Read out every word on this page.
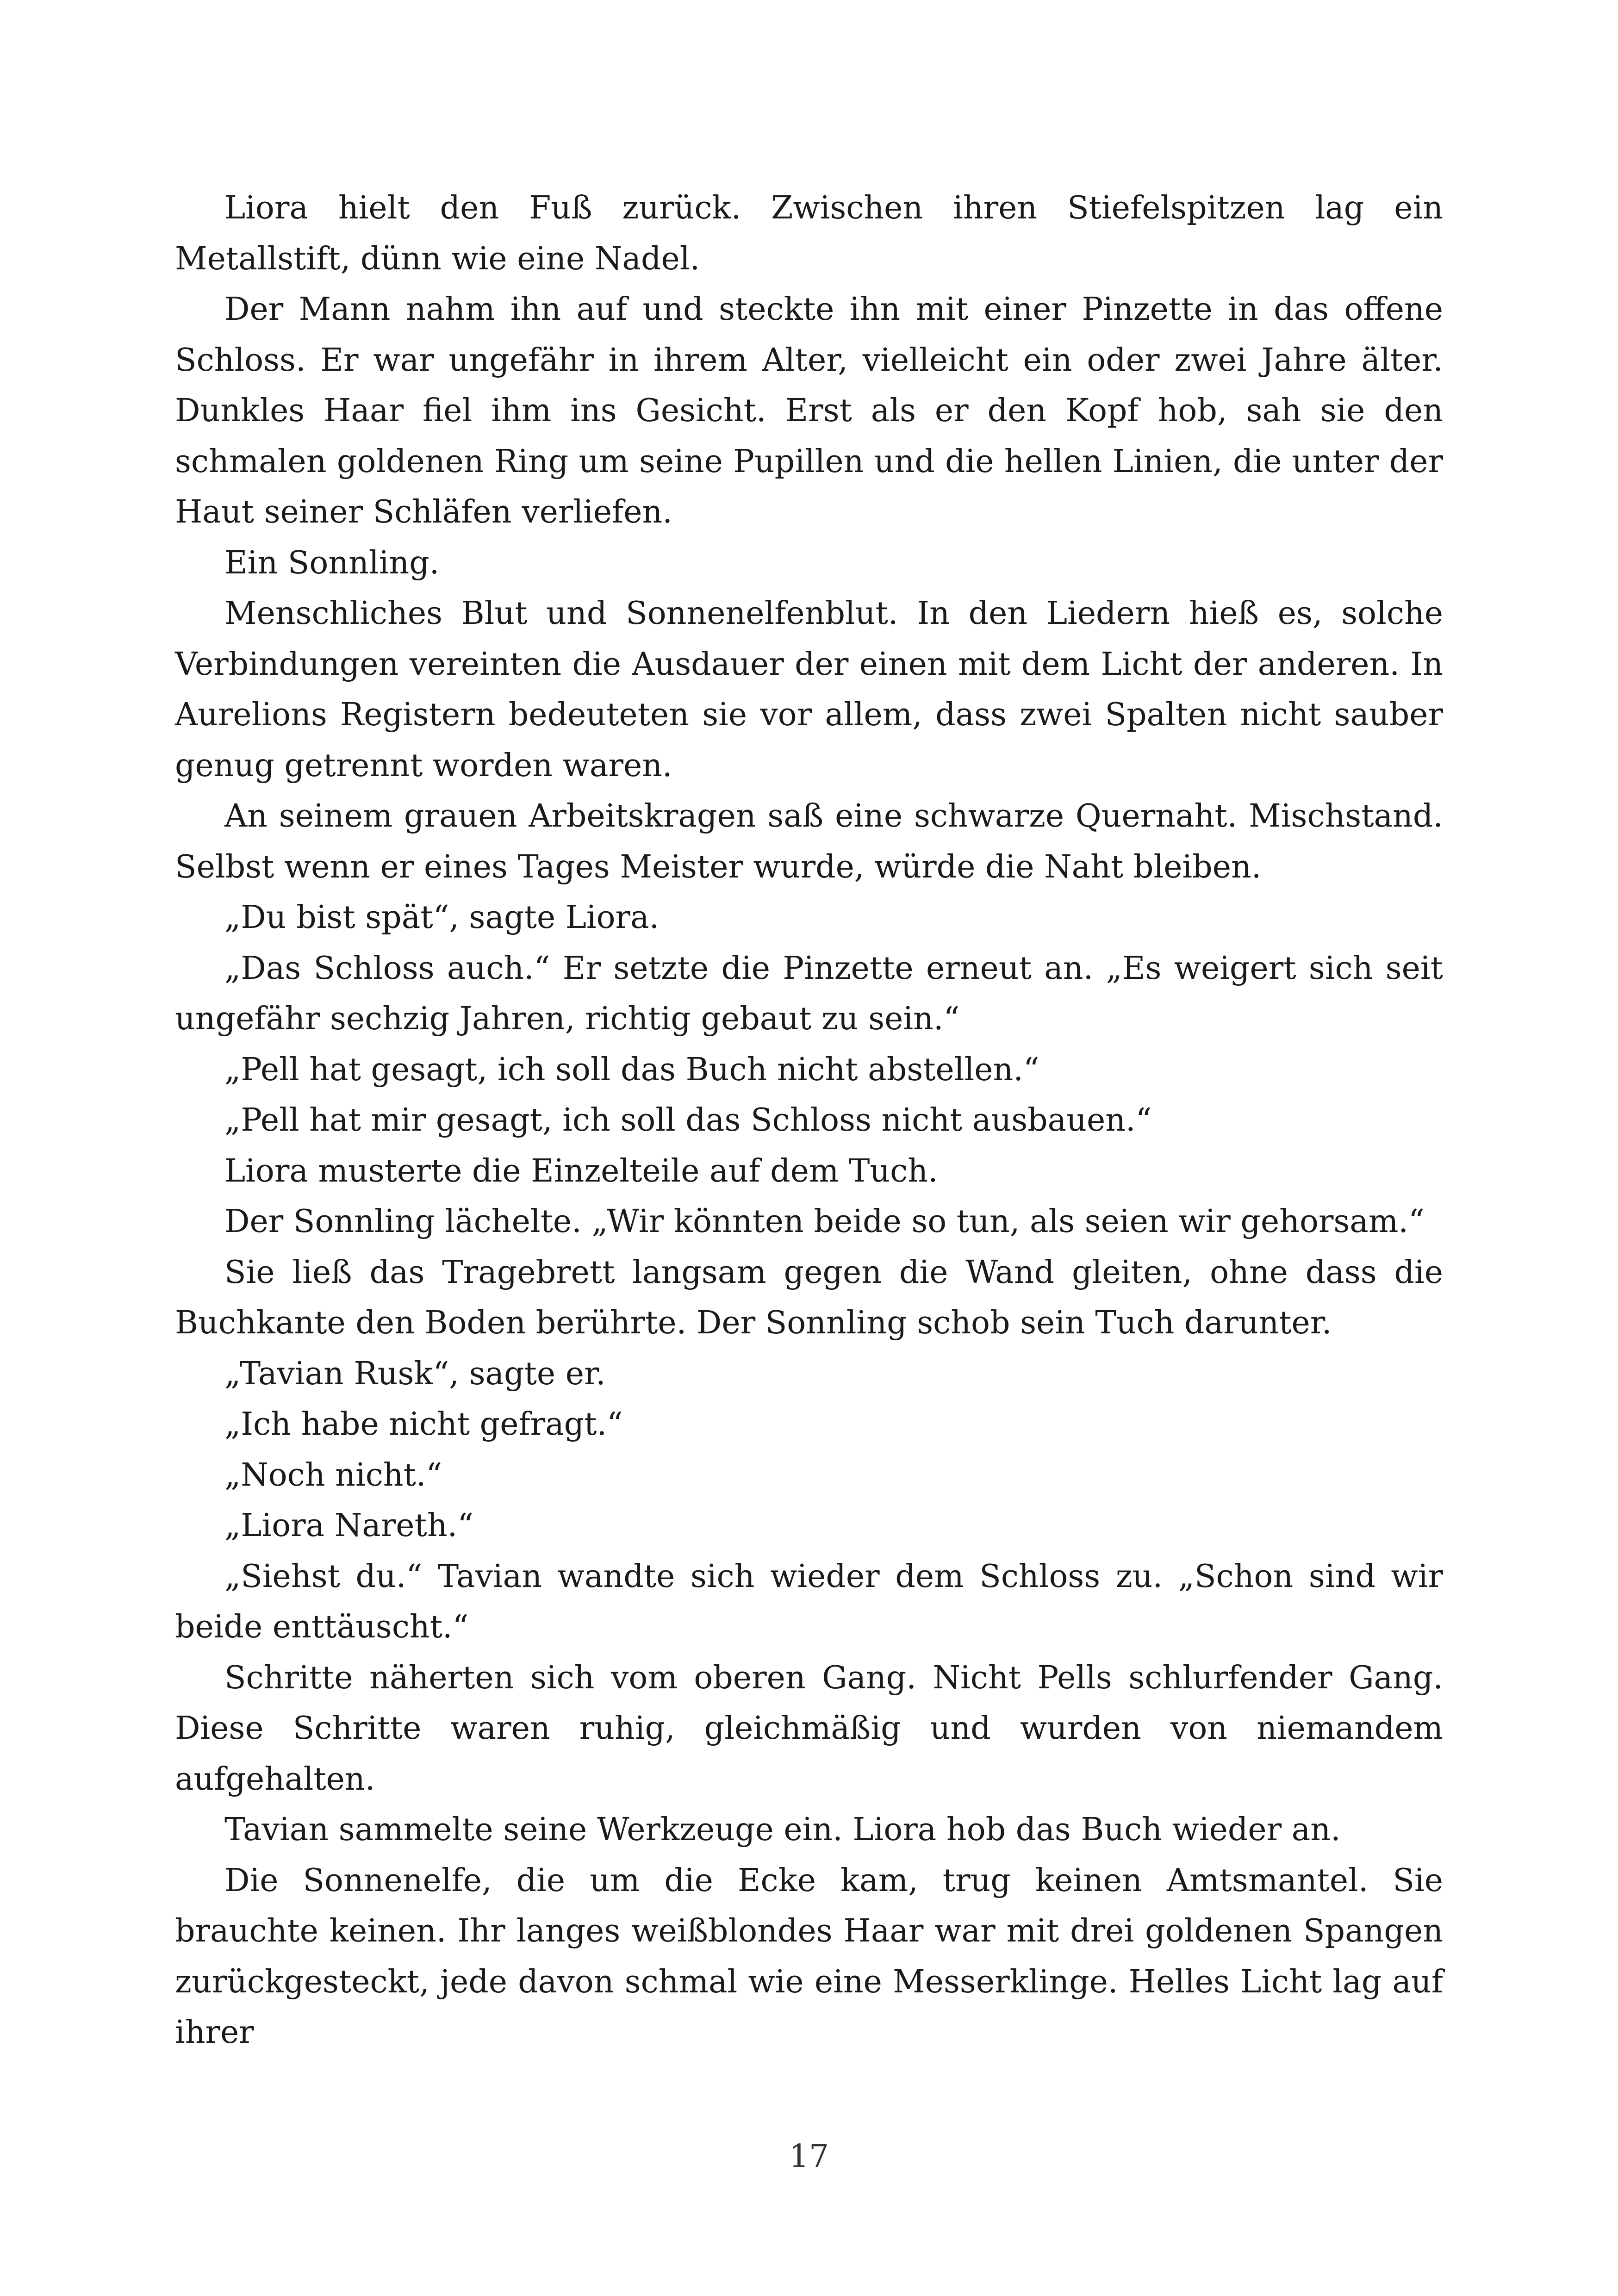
Liora hielt den Fuß zurück. Zwischen ihren Stiefelspitzen lag ein Metallstift, dünn wie eine Nadel.

Der Mann nahm ihn auf und steckte ihn mit einer Pinzette in das offene Schloss. Er war ungefähr in ihrem Alter, vielleicht ein oder zwei Jahre älter. Dunkles Haar fiel ihm ins Gesicht. Erst als er den Kopf hob, sah sie den schmalen goldenen Ring um seine Pupillen und die hellen Linien, die unter der Haut seiner Schläfen verliefen.

Ein Sonnling.

Menschliches Blut und Sonnenelfenblut. In den Liedern hieß es, solche Verbindungen vereinten die Ausdauer der einen mit dem Licht der anderen. In Aurelions Registern bedeuteten sie vor allem, dass zwei Spalten nicht sauber genug getrennt worden waren.

An seinem grauen Arbeitskragen saß eine schwarze Quernaht. Mischstand. Selbst wenn er eines Tages Meister wurde, würde die Naht bleiben.

„Du bist spät“, sagte Liora.

„Das Schloss auch.“ Er setzte die Pinzette erneut an. „Es weigert sich seit ungefähr sechzig Jahren, richtig gebaut zu sein.“

„Pell hat gesagt, ich soll das Buch nicht abstellen.“

„Pell hat mir gesagt, ich soll das Schloss nicht ausbauen.“

Liora musterte die Einzelteile auf dem Tuch.

Der Sonnling lächelte. „Wir könnten beide so tun, als seien wir gehorsam.“

Sie ließ das Tragebrett langsam gegen die Wand gleiten, ohne dass die Buchkante den Boden berührte. Der Sonnling schob sein Tuch darunter.

„Tavian Rusk“, sagte er.

„Ich habe nicht gefragt.“

„Noch nicht.“

„Liora Nareth.“

„Siehst du.“ Tavian wandte sich wieder dem Schloss zu. „Schon sind wir beide enttäuscht.“

Schritte näherten sich vom oberen Gang. Nicht Pells schlurfender Gang. Diese Schritte waren ruhig, gleichmäßig und wurden von niemandem aufgehalten.

Tavian sammelte seine Werkzeuge ein. Liora hob das Buch wieder an.

Die Sonnenelfe, die um die Ecke kam, trug keinen Amtsmantel. Sie brauchte keinen. Ihr langes weißblondes Haar war mit drei goldenen Spangen zurückgesteckt, jede davon schmal wie eine Messerklinge. Helles Licht lag auf ihrer

17
